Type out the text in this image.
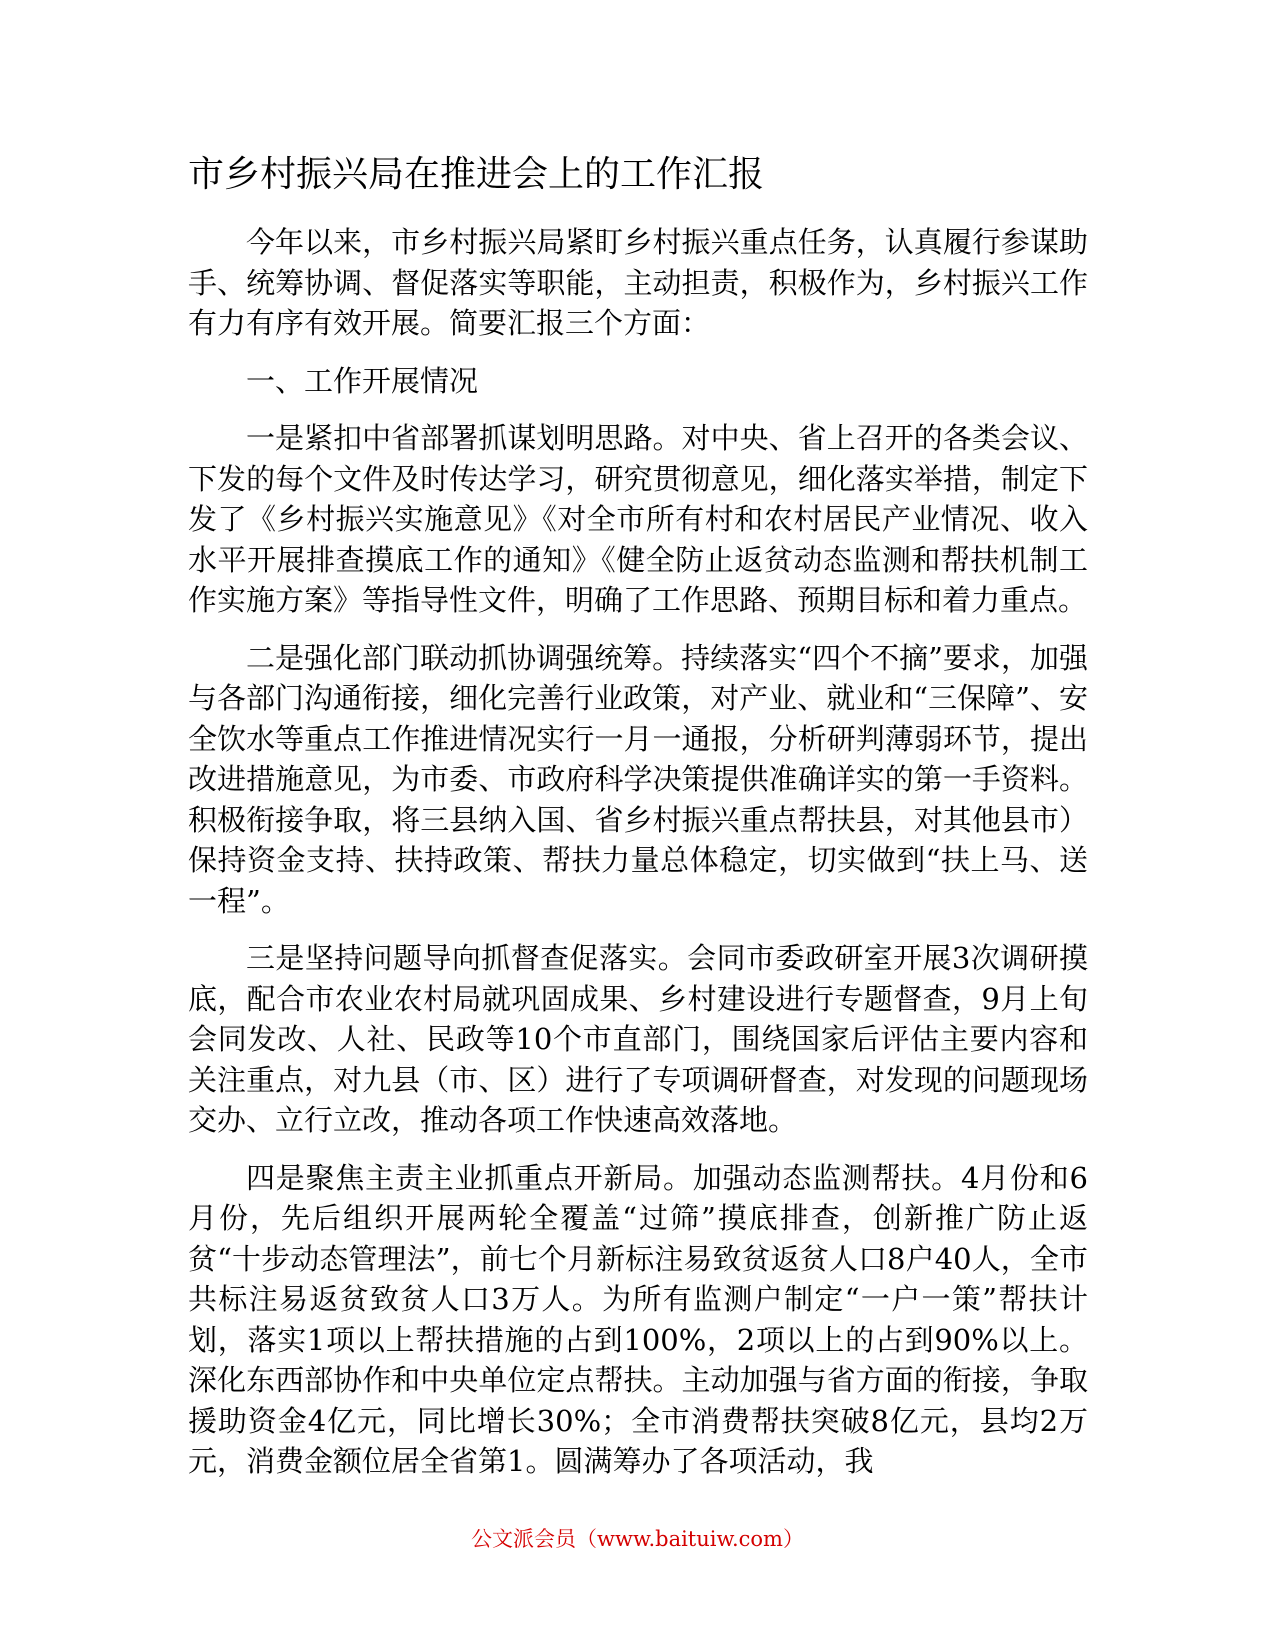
市乡村振兴局在推进会上的工作汇报

今年以来，市乡村振兴局紧盯乡村振兴重点任务，认真履行参谋助手、统筹协调、督促落实等职能，主动担责，积极作为，乡村振兴工作有力有序有效开展。简要汇报三个方面：

一、工作开展情况

一是紧扣中省部署抓谋划明思路。对中央、省上召开的各类会议、下发的每个文件及时传达学习，研究贯彻意见，细化落实举措，制定下发了《乡村振兴实施意见》《对全市所有村和农村居民产业情况、收入水平开展排查摸底工作的通知》《健全防止返贫动态监测和帮扶机制工作实施方案》等指导性文件，明确了工作思路、预期目标和着力重点。

二是强化部门联动抓协调强统筹。持续落实“四个不摘”要求，加强与各部门沟通衔接，细化完善行业政策，对产业、就业和“三保障”、安全饮水等重点工作推进情况实行一月一通报，分析研判薄弱环节，提出改进措施意见，为市委、市政府科学决策提供准确详实的第一手资料。积极衔接争取，将三县纳入国、省乡村振兴重点帮扶县，对其他县市）保持资金支持、扶持政策、帮扶力量总体稳定，切实做到“扶上马、送一程”。

三是坚持问题导向抓督查促落实。会同市委政研室开展3次调研摸底，配合市农业农村局就巩固成果、乡村建设进行专题督查，9月上旬会同发改、人社、民政等10个市直部门，围绕国家后评估主要内容和关注重点，对九县（市、区）进行了专项调研督查，对发现的问题现场交办、立行立改，推动各项工作快速高效落地。

四是聚焦主责主业抓重点开新局。加强动态监测帮扶。4月份和6月份，先后组织开展两轮全覆盖“过筛”摸底排查，创新推广防止返贫“十步动态管理法”，前七个月新标注易致贫返贫人口8户40人，全市共标注易返贫致贫人口3万人。为所有监测户制定“一户一策”帮扶计划，落实1项以上帮扶措施的占到100%，2项以上的占到90%以上。深化东西部协作和中央单位定点帮扶。主动加强与省方面的衔接，争取援助资金4亿元，同比增长30%；全市消费帮扶突破8亿元，县均2万元，消费金额位居全省第1。圆满筹办了各项活动，我

公文派会员（www.baituiw.com）
